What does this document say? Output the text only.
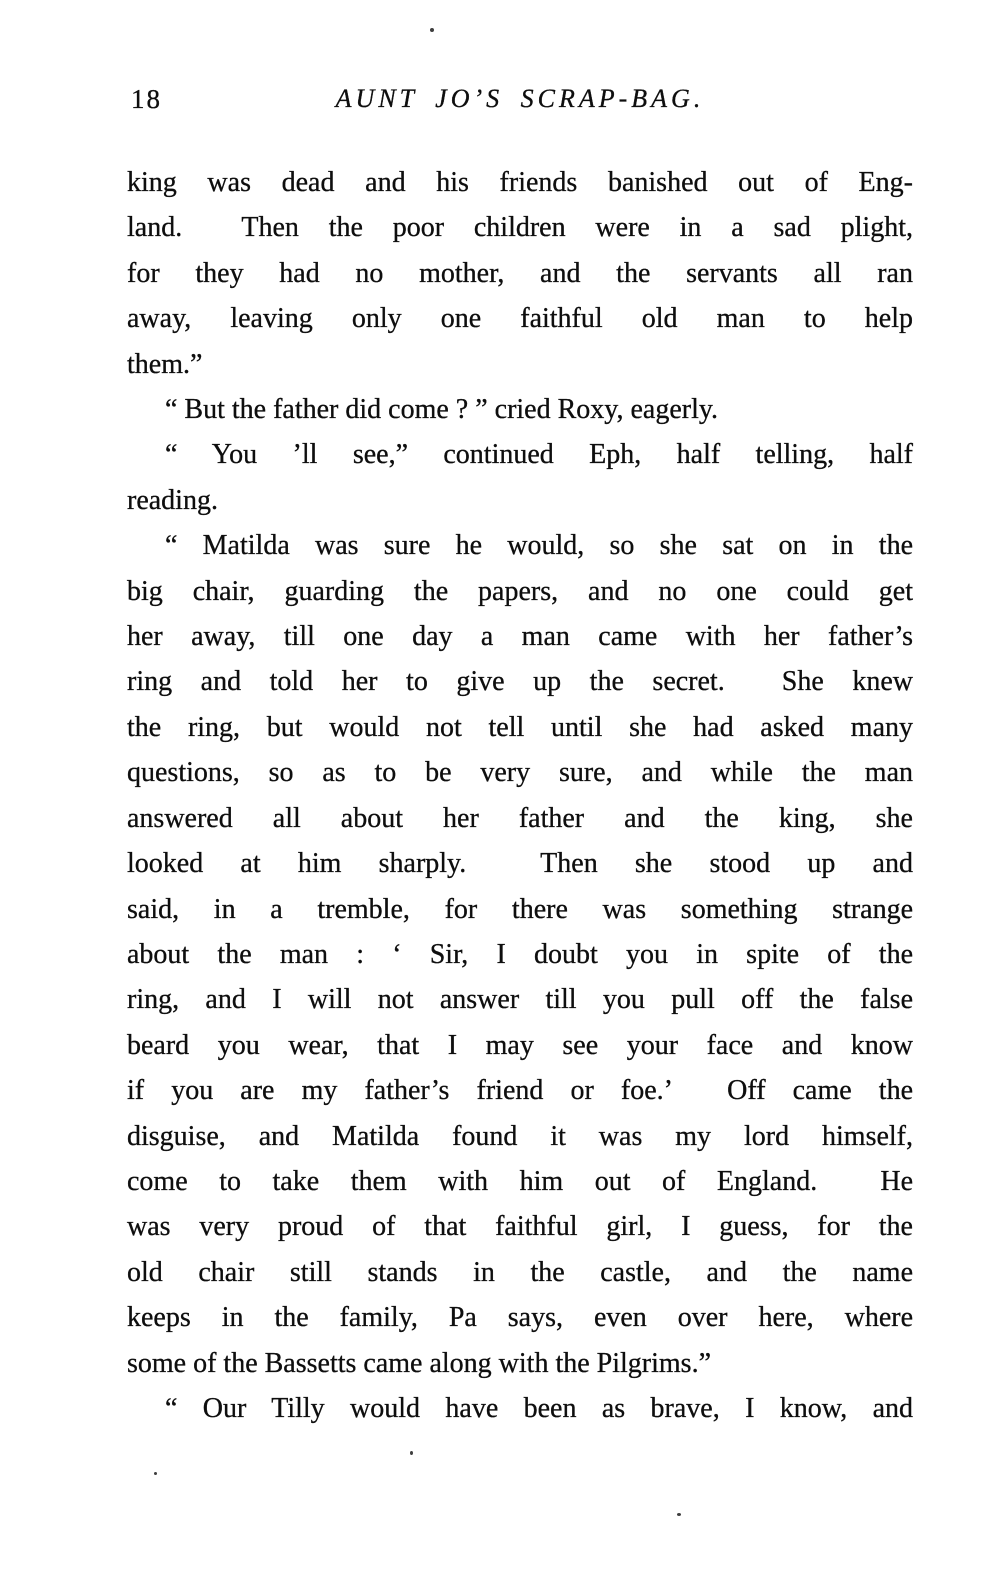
18	AUNT JO’S SCRAP-BAG.
king was dead and his friends banished out of Eng-
land.  Then the poor children were in a sad plight,
for they had no mother, and the servants all ran
away, leaving only one faithful old man to help
them.”
“ But the father did come ? ” cried Roxy, eagerly.
“ You ’ll see,” continued Eph, half telling, half
reading.
“ Matilda was sure he would, so she sat on in the
big chair, guarding the papers, and no one could get
her away, till one day a man came with her father’s
ring and told her to give up the secret.  She knew
the ring, but would not tell until she had asked many
questions, so as to be very sure, and while the man
answered all about her father and the king, she
looked at him sharply.  Then she stood up and
said, in a tremble, for there was something strange
about the man : ‘ Sir, I doubt you in spite of the
ring, and I will not answer till you pull off the false
beard you wear, that I may see your face and know
if you are my father’s friend or foe.’  Off came the
disguise, and Matilda found it was my lord himself,
come to take them with him out of England.  He
was very proud of that faithful girl, I guess, for the
old chair still stands in the castle, and the name
keeps in the family, Pa says, even over here, where
some of the Bassetts came along with the Pilgrims.”
“ Our Tilly would have been as brave, I know, and
